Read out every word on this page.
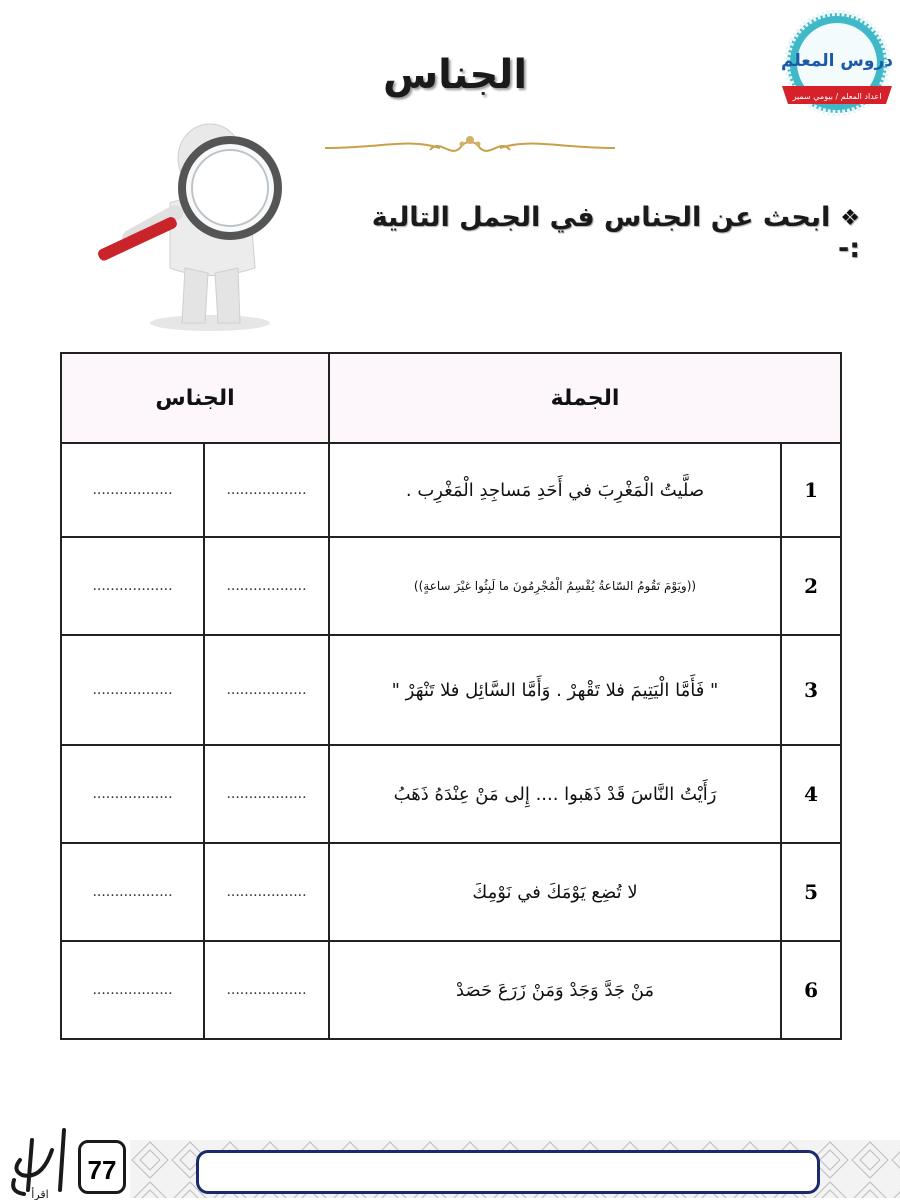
دروس المعلم
اعداد المعلم / بيومي سمير
الجناس
❖ابحث عن الجناس في الجمل التالية :-
الجناس		الجملة	
..................	..................	صلَّيتُ الْمَغْرِبَ في أَحَدِ مَساجِدِ الْمَغْرِب .	1
..................	..................	((ويَوْمَ تَقُومُ السّاعةُ يُقْسِمُ الْمُجْرِمُونَ ما لَبِثُوا غيْرَ ساعةٍ))	2
..................	..................	" فَأَمَّا الْيَتِيمَ فلا تَقْهرْ . وَأَمَّا السَّائِل فلا تَنْهَرْ "	3
..................	..................	رَأَيْتُ النَّاسَ قَدْ ذَهَبوا .... إِلى مَنْ عِنْدَهُ ذَهَبُ	4
..................	..................	لا تُضِع يَوْمَكَ في نَوْمِكَ	5
..................	..................	مَنْ جَدَّ وَجَدْ وَمَنْ زَرَعَ حَصَدْ	6
77
اقرأ
